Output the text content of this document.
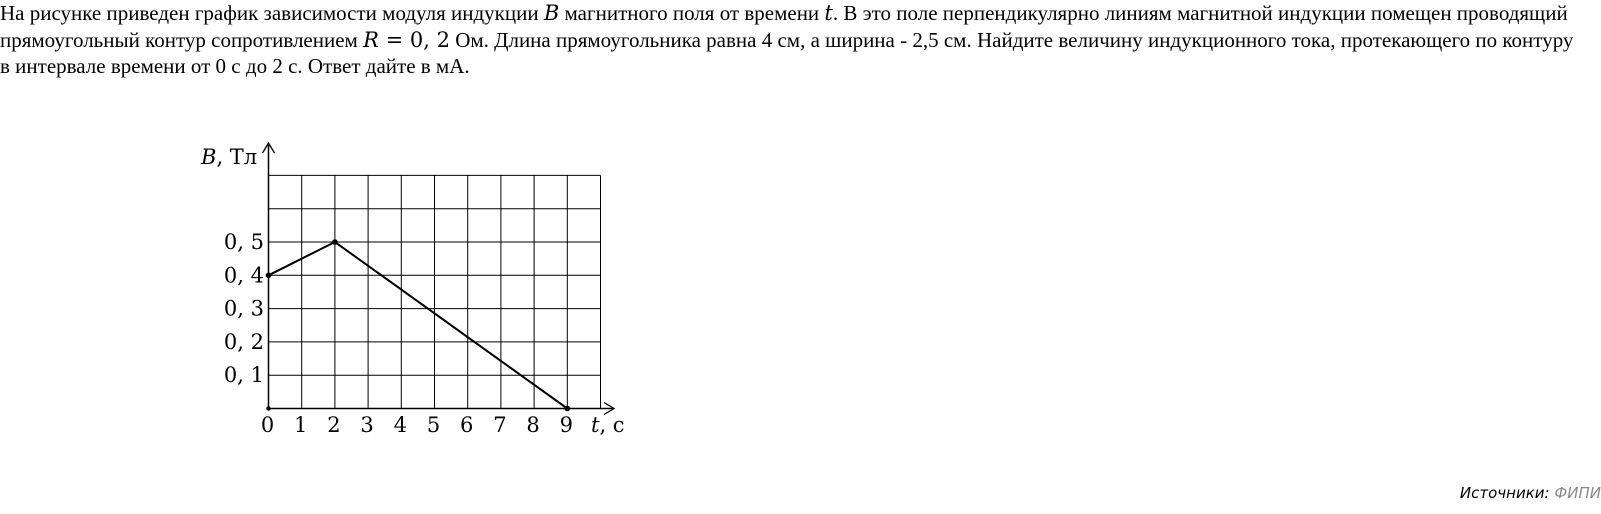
На рисунке приведен график зависимости модуля индукции B магнитного поля от времени t. В это поле перпендикулярно линиям магнитной индукции помещен проводящий прямоугольный контур сопротивлением R = 0, 2 Ом. Длина прямоугольника равна 4 см, а ширина - 2,5 см. Найдите величину индукционного тока, протекающего по контуру в интервале времени от 0 с до 2 с. Ответ дайте в мА.

B, Тл
t, с
0 1 2 3 4 5 6 7 8 9
0, 1
0, 2
0, 3
0, 4
0, 5
Источники: ФИПИ
